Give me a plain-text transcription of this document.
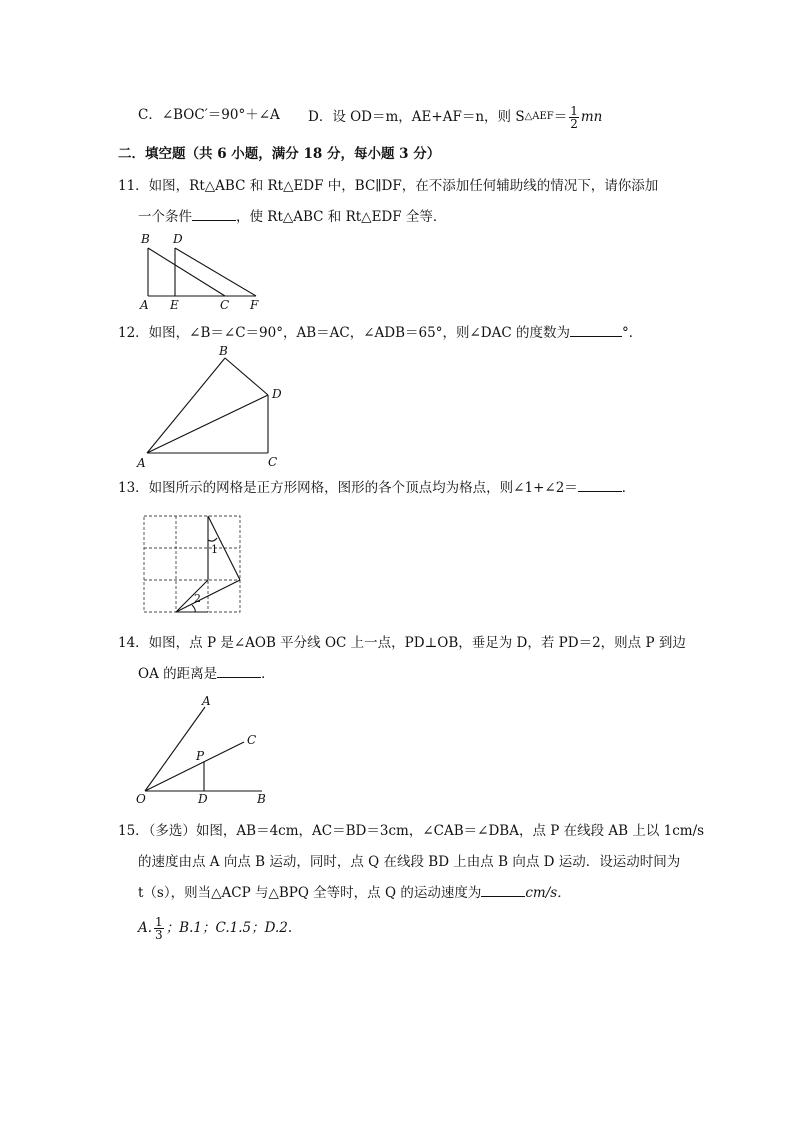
C．∠BOC′＝90°＋∠A D．设 OD＝m，AE+AF＝n，则 S △AEF ＝ $\frac{1}{2}$ mn
二．填空题（共 6 小题，满分 18 分，每小题 3 分）
11．如图，Rt△ABC 和 Rt△EDF 中，BC∥DF，在不添加任何辅助线的情况下，请你添加
一个条件	，使 Rt△ABC 和 Rt△EDF 全等．
B D
A E	C F
12．如图，∠B＝∠C＝90°，AB＝AC，∠ADB＝65°，则∠DAC 的度数为	°．
B
D
A	C
13．如图所示的网格是正方形网格，图形的各个顶点均为格点，则∠1+∠2＝	．
1
2
14．如图，点 P 是∠AOB 平分线 OC 上一点，PD⊥OB，垂足为 D，若 PD＝2，则点 P 到边
OA 的距离是	．
A
C
P
O	D	B
15．（多选）如图，AB＝4cm，AC＝BD＝3cm，∠CAB＝∠DBA，点 P 在线段 AB 上以 1cm/s
的速度由点 A 向点 B 运动，同时，点 Q 在线段 BD 上由点 B 向点 D 运动．设运动时间为
t（s），则当△ACP 与△BPQ 全等时，点 Q 的运动速度为	cm/s．
A. $\frac{1}{3}$ ；B.1；C.1.5；D.2.
